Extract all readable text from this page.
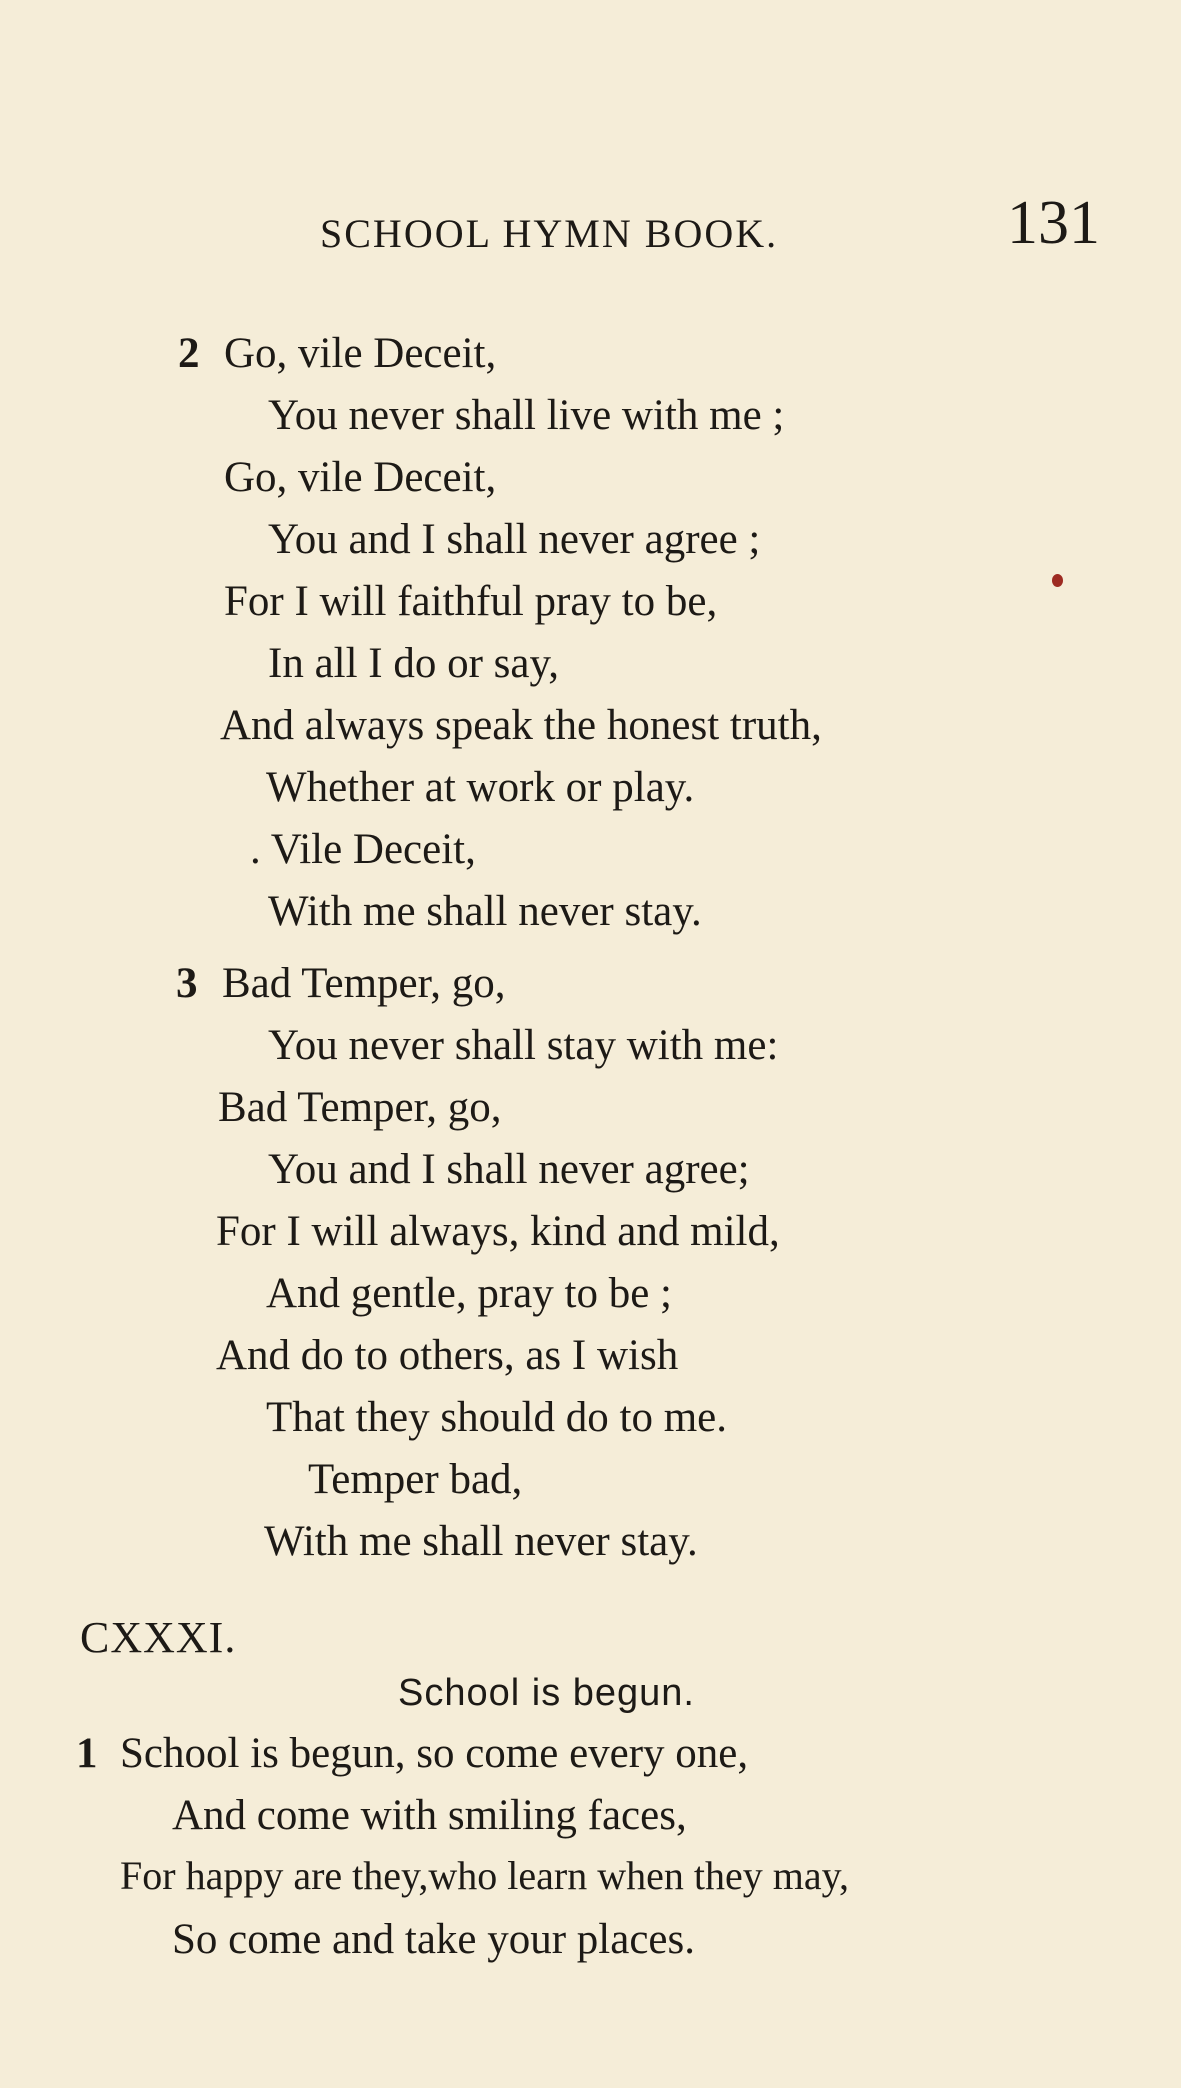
SCHOOL HYMN BOOK.	131
2 Go, vile Deceit,
You never shall live with me ;
Go, vile Deceit,
You and I shall never agree ;
For I will faithful pray to be,
In all I do or say,
And always speak the honest truth,
Whether at work or play.
. Vile Deceit,
With me shall never stay.
3 Bad Temper, go,
You never shall stay with me:
Bad Temper, go,
You and I shall never agree;
For I will always, kind and mild,
And gentle, pray to be ;
And do to others, as I wish
That they should do to me.
Temper bad,
With me shall never stay.
CXXXI.
School is begun.
1 School is begun, so come every one,
And come with smiling faces,
For happy are they,who learn when they may,
So come and take your places.
